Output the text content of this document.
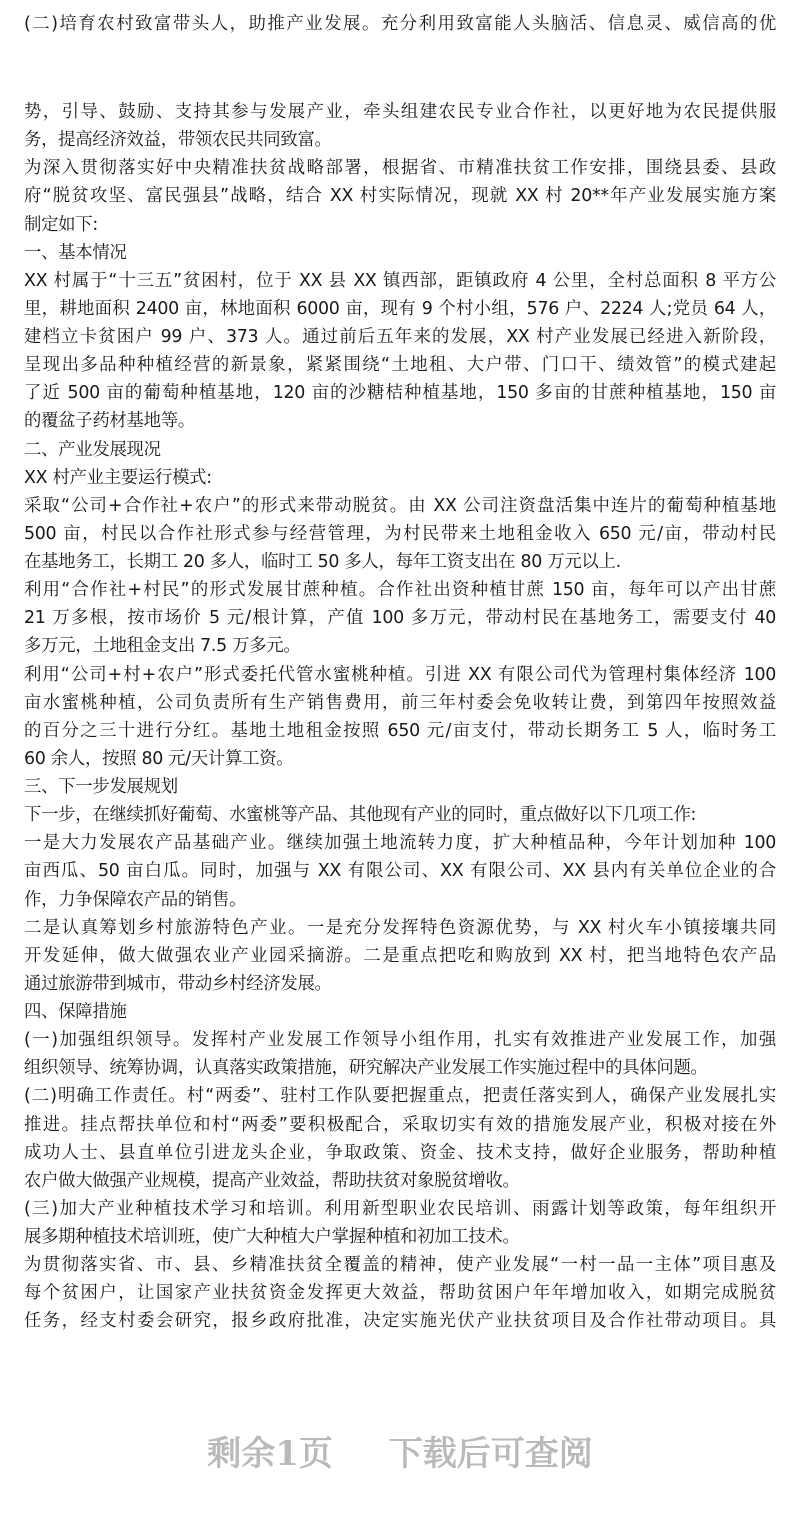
(二)培育农村致富带头人，助推产业发展。充分利用致富能人头脑活、信息灵、威信高的优
势，引导、鼓励、支持其参与发展产业，牵头组建农民专业合作社，以更好地为农民提供服
务，提高经济效益，带领农民共同致富。
为深入贯彻落实好中央精准扶贫战略部署，根据省、市精准扶贫工作安排，围绕县委、县政
府“脱贫攻坚、富民强县”战略，结合 XX 村实际情况，现就 XX 村 20**年产业发展实施方案
制定如下:
一、基本情况
XX 村属于“十三五”贫困村，位于 XX 县 XX 镇西部，距镇政府 4 公里，全村总面积 8 平方公
里，耕地面积 2400 亩，林地面积 6000 亩，现有 9 个村小组，576 户、2224 人;党员 64 人，
建档立卡贫困户 99 户、373 人。通过前后五年来的发展，XX 村产业发展已经进入新阶段，
呈现出多品种种植经营的新景象，紧紧围绕“土地租、大户带、门口干、绩效管”的模式建起
了近 500 亩的葡萄种植基地，120 亩的沙糖桔种植基地，150 多亩的甘蔗种植基地，150 亩
的覆盆子药材基地等。
二、产业发展现况
XX 村产业主要运行模式:
采取“公司+合作社+农户”的形式来带动脱贫。由 XX 公司注资盘活集中连片的葡萄种植基地
500 亩，村民以合作社形式参与经营管理，为村民带来土地租金收入 650 元/亩，带动村民
在基地务工，长期工 20 多人，临时工 50 多人，每年工资支出在 80 万元以上.
利用“合作社+村民”的形式发展甘蔗种植。合作社出资种植甘蔗 150 亩，每年可以产出甘蔗
21 万多根，按市场价 5 元/根计算，产值 100 多万元，带动村民在基地务工，需要支付 40
多万元，土地租金支出 7.5 万多元。
利用“公司+村+农户”形式委托代管水蜜桃种植。引进 XX 有限公司代为管理村集体经济 100
亩水蜜桃种植，公司负责所有生产销售费用，前三年村委会免收转让费，到第四年按照效益
的百分之三十进行分红。基地土地租金按照 650 元/亩支付，带动长期务工 5 人，临时务工
60 余人，按照 80 元/天计算工资。
三、下一步发展规划
下一步，在继续抓好葡萄、水蜜桃等产品、其他现有产业的同时，重点做好以下几项工作:
一是大力发展农产品基础产业。继续加强土地流转力度，扩大种植品种，今年计划加种 100
亩西瓜、50 亩白瓜。同时，加强与 XX 有限公司、XX 有限公司、XX 县内有关单位企业的合
作，力争保障农产品的销售。
二是认真筹划乡村旅游特色产业。一是充分发挥特色资源优势，与 XX 村火车小镇接壤共同
开发延伸，做大做强农业产业园采摘游。二是重点把吃和购放到 XX 村，把当地特色农产品
通过旅游带到城市，带动乡村经济发展。
四、保障措施
(一)加强组织领导。发挥村产业发展工作领导小组作用，扎实有效推进产业发展工作，加强
组织领导、统筹协调，认真落实政策措施，研究解决产业发展工作实施过程中的具体问题。
(二)明确工作责任。村“两委”、驻村工作队要把握重点，把责任落实到人，确保产业发展扎实
推进。挂点帮扶单位和村“两委”要积极配合，采取切实有效的措施发展产业，积极对接在外
成功人士、县直单位引进龙头企业，争取政策、资金、技术支持，做好企业服务，帮助种植
农户做大做强产业规模，提高产业效益，帮助扶贫对象脱贫增收。
(三)加大产业种植技术学习和培训。利用新型职业农民培训、雨露计划等政策，每年组织开
展多期种植技术培训班，使广大种植大户掌握种植和初加工技术。
为贯彻落实省、市、县、乡精准扶贫全覆盖的精神，使产业发展“一村一品一主体”项目惠及
每个贫困户，让国家产业扶贫资金发挥更大效益，帮助贫困户年年增加收入，如期完成脱贫
任务，经支村委会研究，报乡政府批准，决定实施光伏产业扶贫项目及合作社带动项目。具
剩余1页 下载后可查阅
